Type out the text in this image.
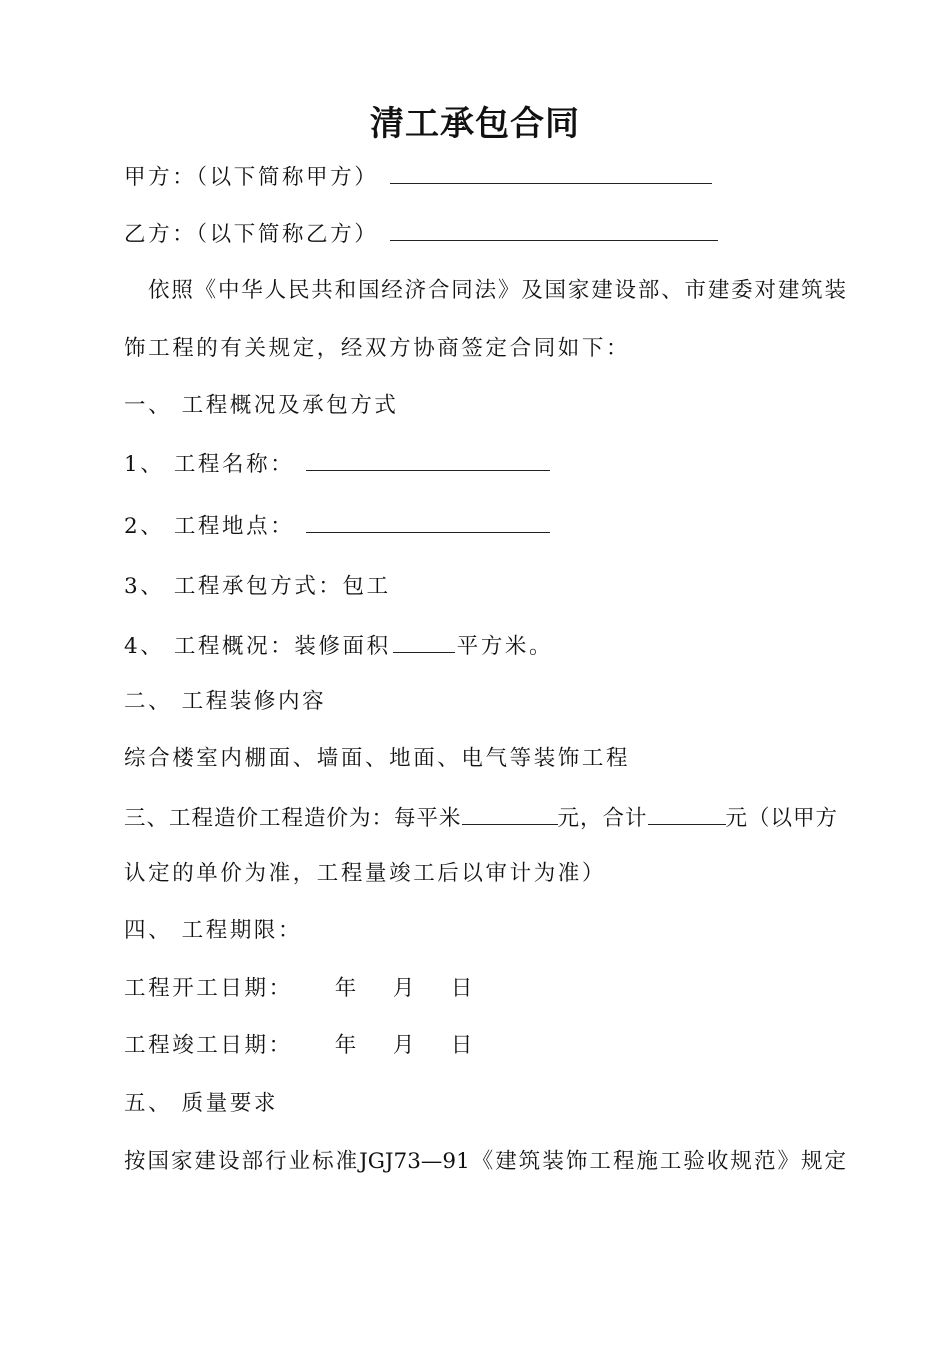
清工承包合同
甲方：（以下简称甲方）
乙方：（以下简称乙方）
依照《中华人民共和国经济合同法》及国家建设部、市建委对建筑装
饰工程的有关规定，经双方协商签定合同如下：
一、 工程概况及承包方式
1、 工程名称：
2、 工程地点：
3、 工程承包方式：包工
4、 工程概况：装修面积	平方米。
二、 工程装修内容
综合楼室内棚面、墙面、地面、电气等装饰工程
三、工程造价工程造价为：每平米	元，合计	元（以甲方
认定的单价为准，工程量竣工后以审计为准）
四、 工程期限：
工程开工日期： 年 月 日
工程竣工日期： 年 月 日
五、 质量要求
按国家建设部行业标准JGJ73—91《建筑装饰工程施工验收规范》规定
